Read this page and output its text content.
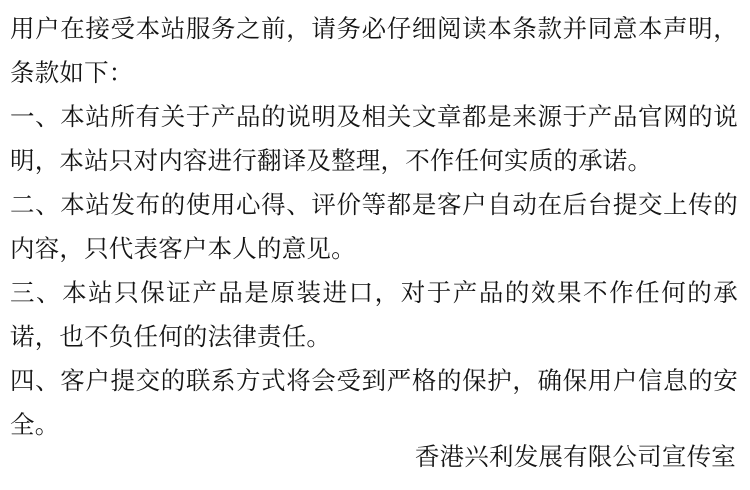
用户在接受本站服务之前，请务必仔细阅读本条款并同意本声明，条款如下：

一、本站所有关于产品的说明及相关文章都是来源于产品官网的说明，本站只对内容进行翻译及整理，不作任何实质的承诺。

二、本站发布的使用心得、评价等都是客户自动在后台提交上传的内容，只代表客户本人的意见。

三、本站只保证产品是原装进口，对于产品的效果不作任何的承诺，也不负任何的法律责任。

四、客户提交的联系方式将会受到严格的保护，确保用户信息的安全。

香港兴利发展有限公司宣传室
